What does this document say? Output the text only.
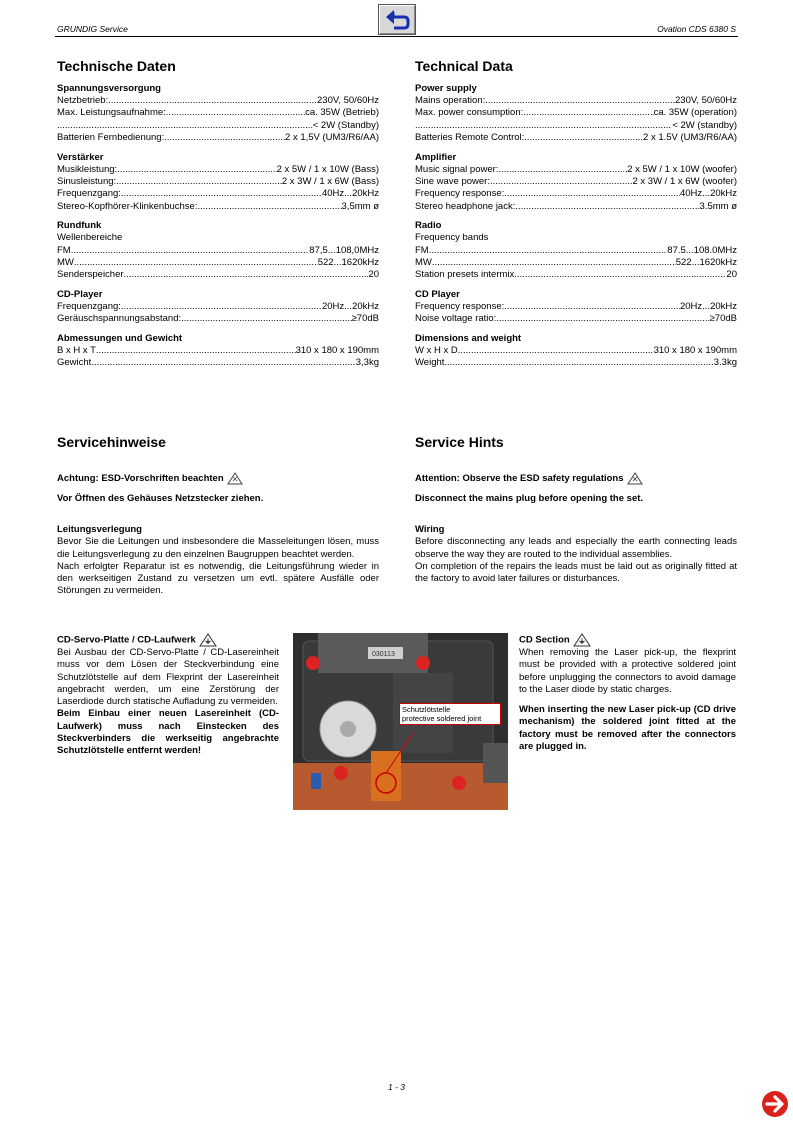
GRUNDIG Service	Ovation CDS 6380 S
Technische Daten
Spannungsversorgung
Netzbetrieb: .....	230V, 50/60Hz
Max. Leistungsaufnahme: .....	ca. 35W (Betrieb)
.....
< 2W (Standby)
Batterien Fernbedienung: .....	2 x 1,5V (UM3/R6/AA)
Verstärker
Musikleistung: .....	2 x 5W / 1 x 10W (Bass)
Sinusleistung: .....	2 x 3W / 1 x 6W (Bass)
Frequenzgang: .....	40Hz...20kHz
Stereo-Kopfhörer-Klinkenbuchse: .....	3,5mm ø
Rundfunk
Wellenbereiche
FM .....	87,5...108,0MHz
MW .....	522...1620kHz
Senderspeicher .....	20
CD-Player
Frequenzgang: .....	20Hz...20kHz
Geräuschspannungsabstand: .....	≥70dB
Abmessungen und Gewicht
B x H x T .....	310 x 180 x 190mm
Gewicht .....	3,3kg
Technical Data
Power supply
Mains operation: .....	230V, 50/60Hz
Max. power consumption: .....	ca. 35W (operation)
.....
< 2W (standby)
Batteries Remote Control: .....	2 x 1.5V (UM3/R6/AA)
Amplifier
Music signal power: .....	2 x 5W / 1 x 10W (woofer)
Sine wave power: .....	2 x 3W / 1 x 6W (woofer)
Frequency response: .....	40Hz...20kHz
Stereo headphone jack: .....	3.5mm ø
Radio
Frequency bands
FM .....	87.5...108.0MHz
MW .....	522...1620kHz
Station presets intermix .....	20
CD Player
Frequency response: .....	20Hz...20kHz
Noise voltage ratio: .....	≥70dB
Dimensions and weight
W x H x D .....	310 x 180 x 190mm
Weight .....	3.3kg
Servicehinweise	Service Hints
Achtung: ESD-Vorschriften beachten
Vor Öffnen des Gehäuses Netzstecker ziehen.
Attention: Observe the ESD safety regulations
Disconnect the mains plug before opening the set.
Leitungsverlegung
Bevor Sie die Leitungen und insbesondere die Masseleitungen lösen, muss die Leitungsverlegung zu den einzelnen Baugruppen beachtet werden.
Nach erfolgter Reparatur ist es notwendig, die Leitungsführung wieder in den werkseitigen Zustand zu versetzen um evtl. spätere Ausfälle oder Störungen zu vermeiden.
Wiring
Before disconnecting any leads and especially the earth connecting leads observe the way they are routed to the individual assemblies.
On completion of the repairs the leads must be laid out as originally fitted at the factory to avoid later failures or disturbances.
CD-Servo-Platte / CD-Laufwerk
Bei Ausbau der CD-Servo-Platte / CD-Lasereinheit muss vor dem Lösen der Steckverbindung eine Schutzlötstelle auf dem Flexprint der Lasereinheit angebracht werden, um eine Zerstörung der Laserdiode durch statische Aufladung zu vermeiden.
Beim Einbau einer neuen Lasereinheit (CD-Laufwerk) muss nach Einstecken des Steckverbinders die werkseitig angebrachte Schutzlötstelle entfernt werden!
030113
Schutzlötstelle
protective soldered joint
CD Section
When removing the Laser pick-up, the flexprint must be provided with a protective soldered joint before unplugging the connectors to avoid damage to the Laser diode by static charges.
When inserting the new Laser pick-up (CD drive mechanism) the soldered joint fitted at the factory must be removed after the connectors are plugged in.
1 - 3
